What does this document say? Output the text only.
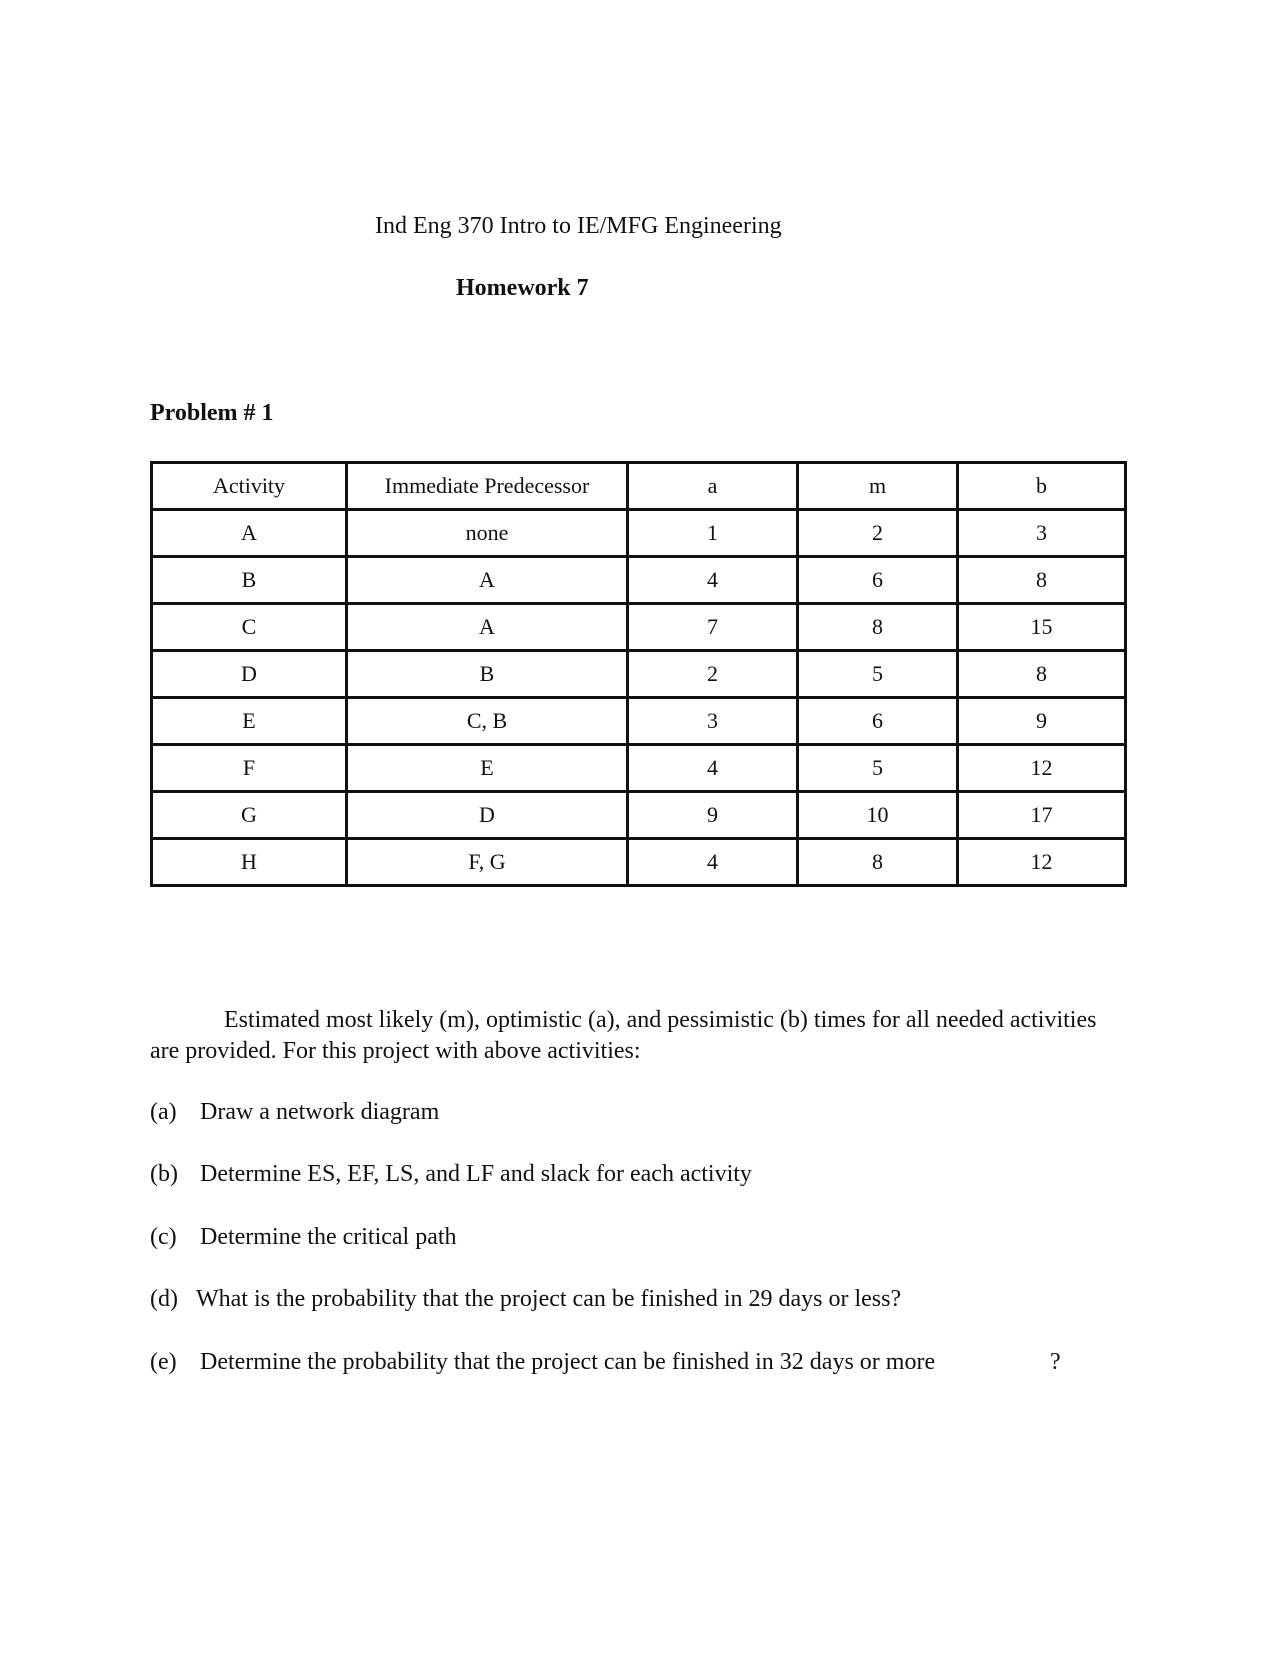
Ind Eng 370 Intro to IE/MFG Engineering
Homework 7
Problem # 1
Activity	Immediate Predecessor	a	m	b
A	none	1	2	3
B	A	4	6	8
C	A	7	8	15
D	B	2	5	8
E	C, B	3	6	9
F	E	4	5	12
G	D	9	10	17
H	F, G	4	8	12

Estimated most likely (m), optimistic (a), and pessimistic (b) times for all needed activities are provided. For this project with above activities:

(a) Draw a network diagram
(b) Determine ES, EF, LS, and LF and slack for each activity
(c) Determine the critical path
(d) What is the probability that the project can be finished in 29 days or less?
(e) Determine the probability that the project can be finished in 32 days or more	?
